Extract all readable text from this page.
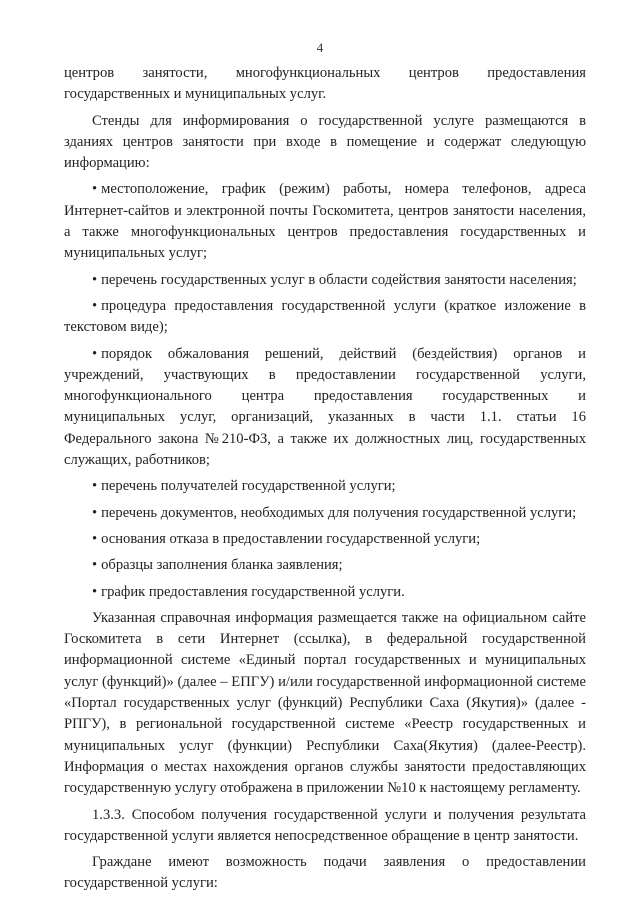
4

центров занятости, многофункциональных центров предоставления государственных и муниципальных услуг.

Стенды для информирования о государственной услуге размещаются в зданиях центров занятости при входе в помещение и содержат следующую информацию:

• местоположение, график (режим) работы, номера телефонов, адреса Интернет-сайтов и электронной почты Госкомитета, центров занятости населения, а также многофункциональных центров предоставления государственных и муниципальных услуг;

• перечень государственных услуг в области содействия занятости населения;

• процедура предоставления государственной услуги (краткое изложение в текстовом виде);

• порядок обжалования решений, действий (бездействия) органов и учреждений, участвующих в предоставлении государственной услуги, многофункционального центра предоставления государственных и муниципальных услуг, организаций, указанных в части 1.1. статьи 16 Федерального закона №210-ФЗ, а также их должностных лиц, государственных служащих, работников;

• перечень получателей государственной услуги;

• перечень документов, необходимых для получения государственной услуги;

• основания отказа в предоставлении государственной услуги;

• образцы заполнения бланка заявления;

• график предоставления государственной услуги.

Указанная справочная информация размещается также на официальном сайте Госкомитета в сети Интернет (ссылка), в федеральной государственной информационной системе «Единый портал государственных и муниципальных услуг (функций)» (далее – ЕПГУ) и/или государственной информационной системе «Портал государственных услуг (функций) Республики Саха (Якутия)» (далее - РПГУ), в региональной государственной системе «Реестр государственных и муниципальных услуг (функции) Республики Саха(Якутия) (далее-Реестр). Информация о местах нахождения органов службы занятости предоставляющих государственную услугу отображена в приложении №10 к настоящему регламенту.

1.3.3. Способом получения государственной услуги и получения результата государственной услуги является непосредственное обращение в центр занятости.

Граждане имеют возможность подачи заявления о предоставлении государственной услуги:
